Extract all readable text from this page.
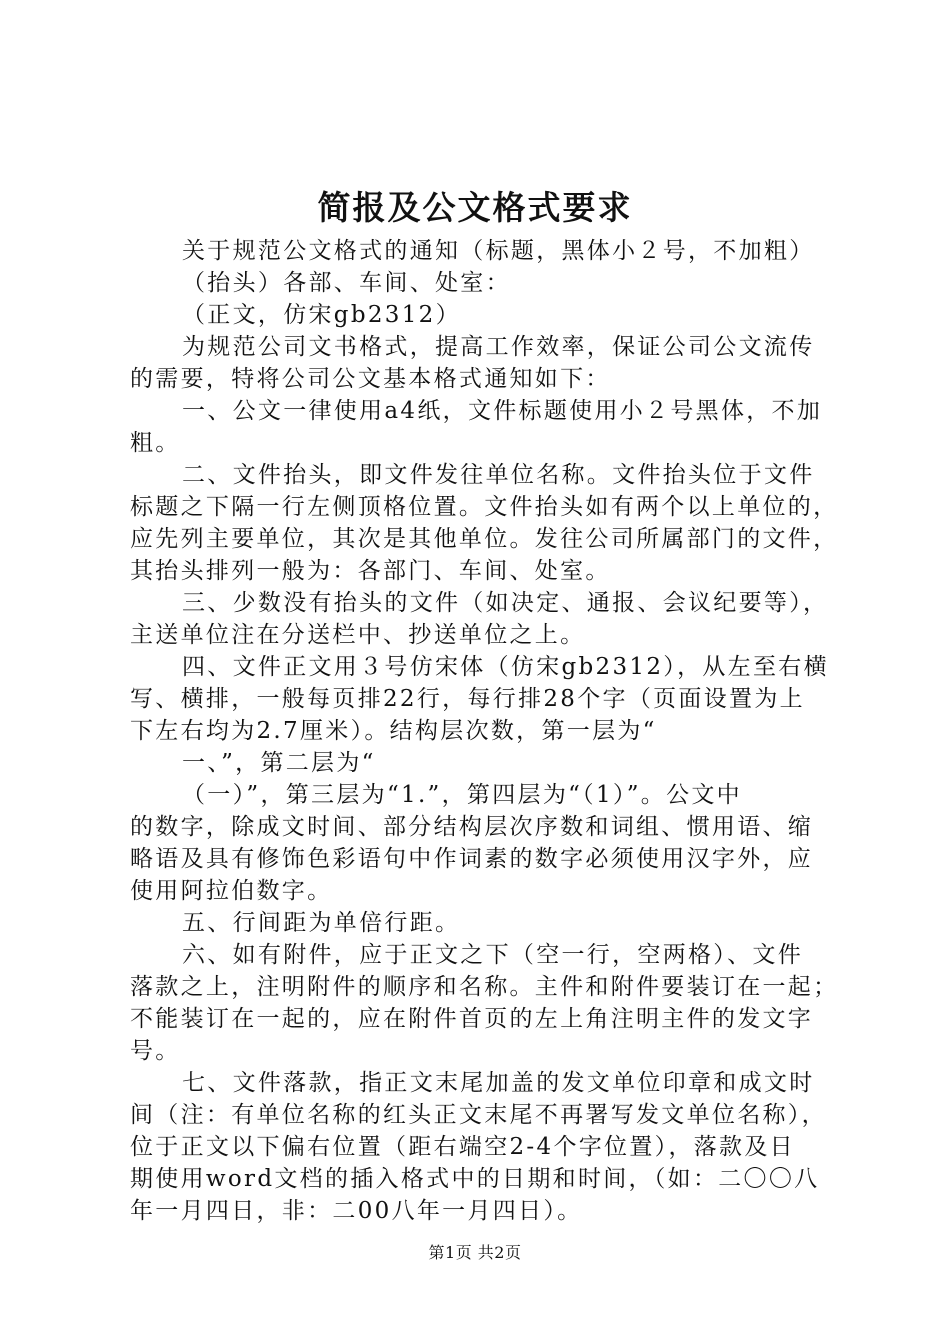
简报及公文格式要求

关于规范公文格式的通知（标题，黑体小２号，不加粗）

（抬头）各部、车间、处室：

（正文，仿宋gb2312）

为规范公司文书格式，提高工作效率，保证公司公文流传

的需要，特将公司公文基本格式通知如下：

一、公文一律使用a4纸，文件标题使用小２号黑体，不加

粗。

二、文件抬头，即文件发往单位名称。文件抬头位于文件

标题之下隔一行左侧顶格位置。文件抬头如有两个以上单位的，

应先列主要单位，其次是其他单位。发往公司所属部门的文件，

其抬头排列一般为：各部门、车间、处室。

三、少数没有抬头的文件（如决定、通报、会议纪要等），

主送单位注在分送栏中、抄送单位之上。

四、文件正文用３号仿宋体（仿宋gb2312），从左至右横

写、横排，一般每页排22行，每行排28个字（页面设置为上

下左右均为2.7厘米）。结构层次数，第一层为“

一、”，第二层为“

（一）”，第三层为“1.”，第四层为“（1）”。公文中

的数字，除成文时间、部分结构层次序数和词组、惯用语、缩

略语及具有修饰色彩语句中作词素的数字必须使用汉字外，应

使用阿拉伯数字。

五、行间距为单倍行距。

六、如有附件，应于正文之下（空一行，空两格）、文件

落款之上，注明附件的顺序和名称。主件和附件要装订在一起；

不能装订在一起的，应在附件首页的左上角注明主件的发文字

号。

七、文件落款，指正文末尾加盖的发文单位印章和成文时

间（注：有单位名称的红头正文末尾不再署写发文单位名称），

位于正文以下偏右位置（距右端空2-4个字位置），落款及日

期使用word文档的插入格式中的日期和时间，（如：二〇〇八

年一月四日，非：二00八年一月四日）。

第1页 共2页
